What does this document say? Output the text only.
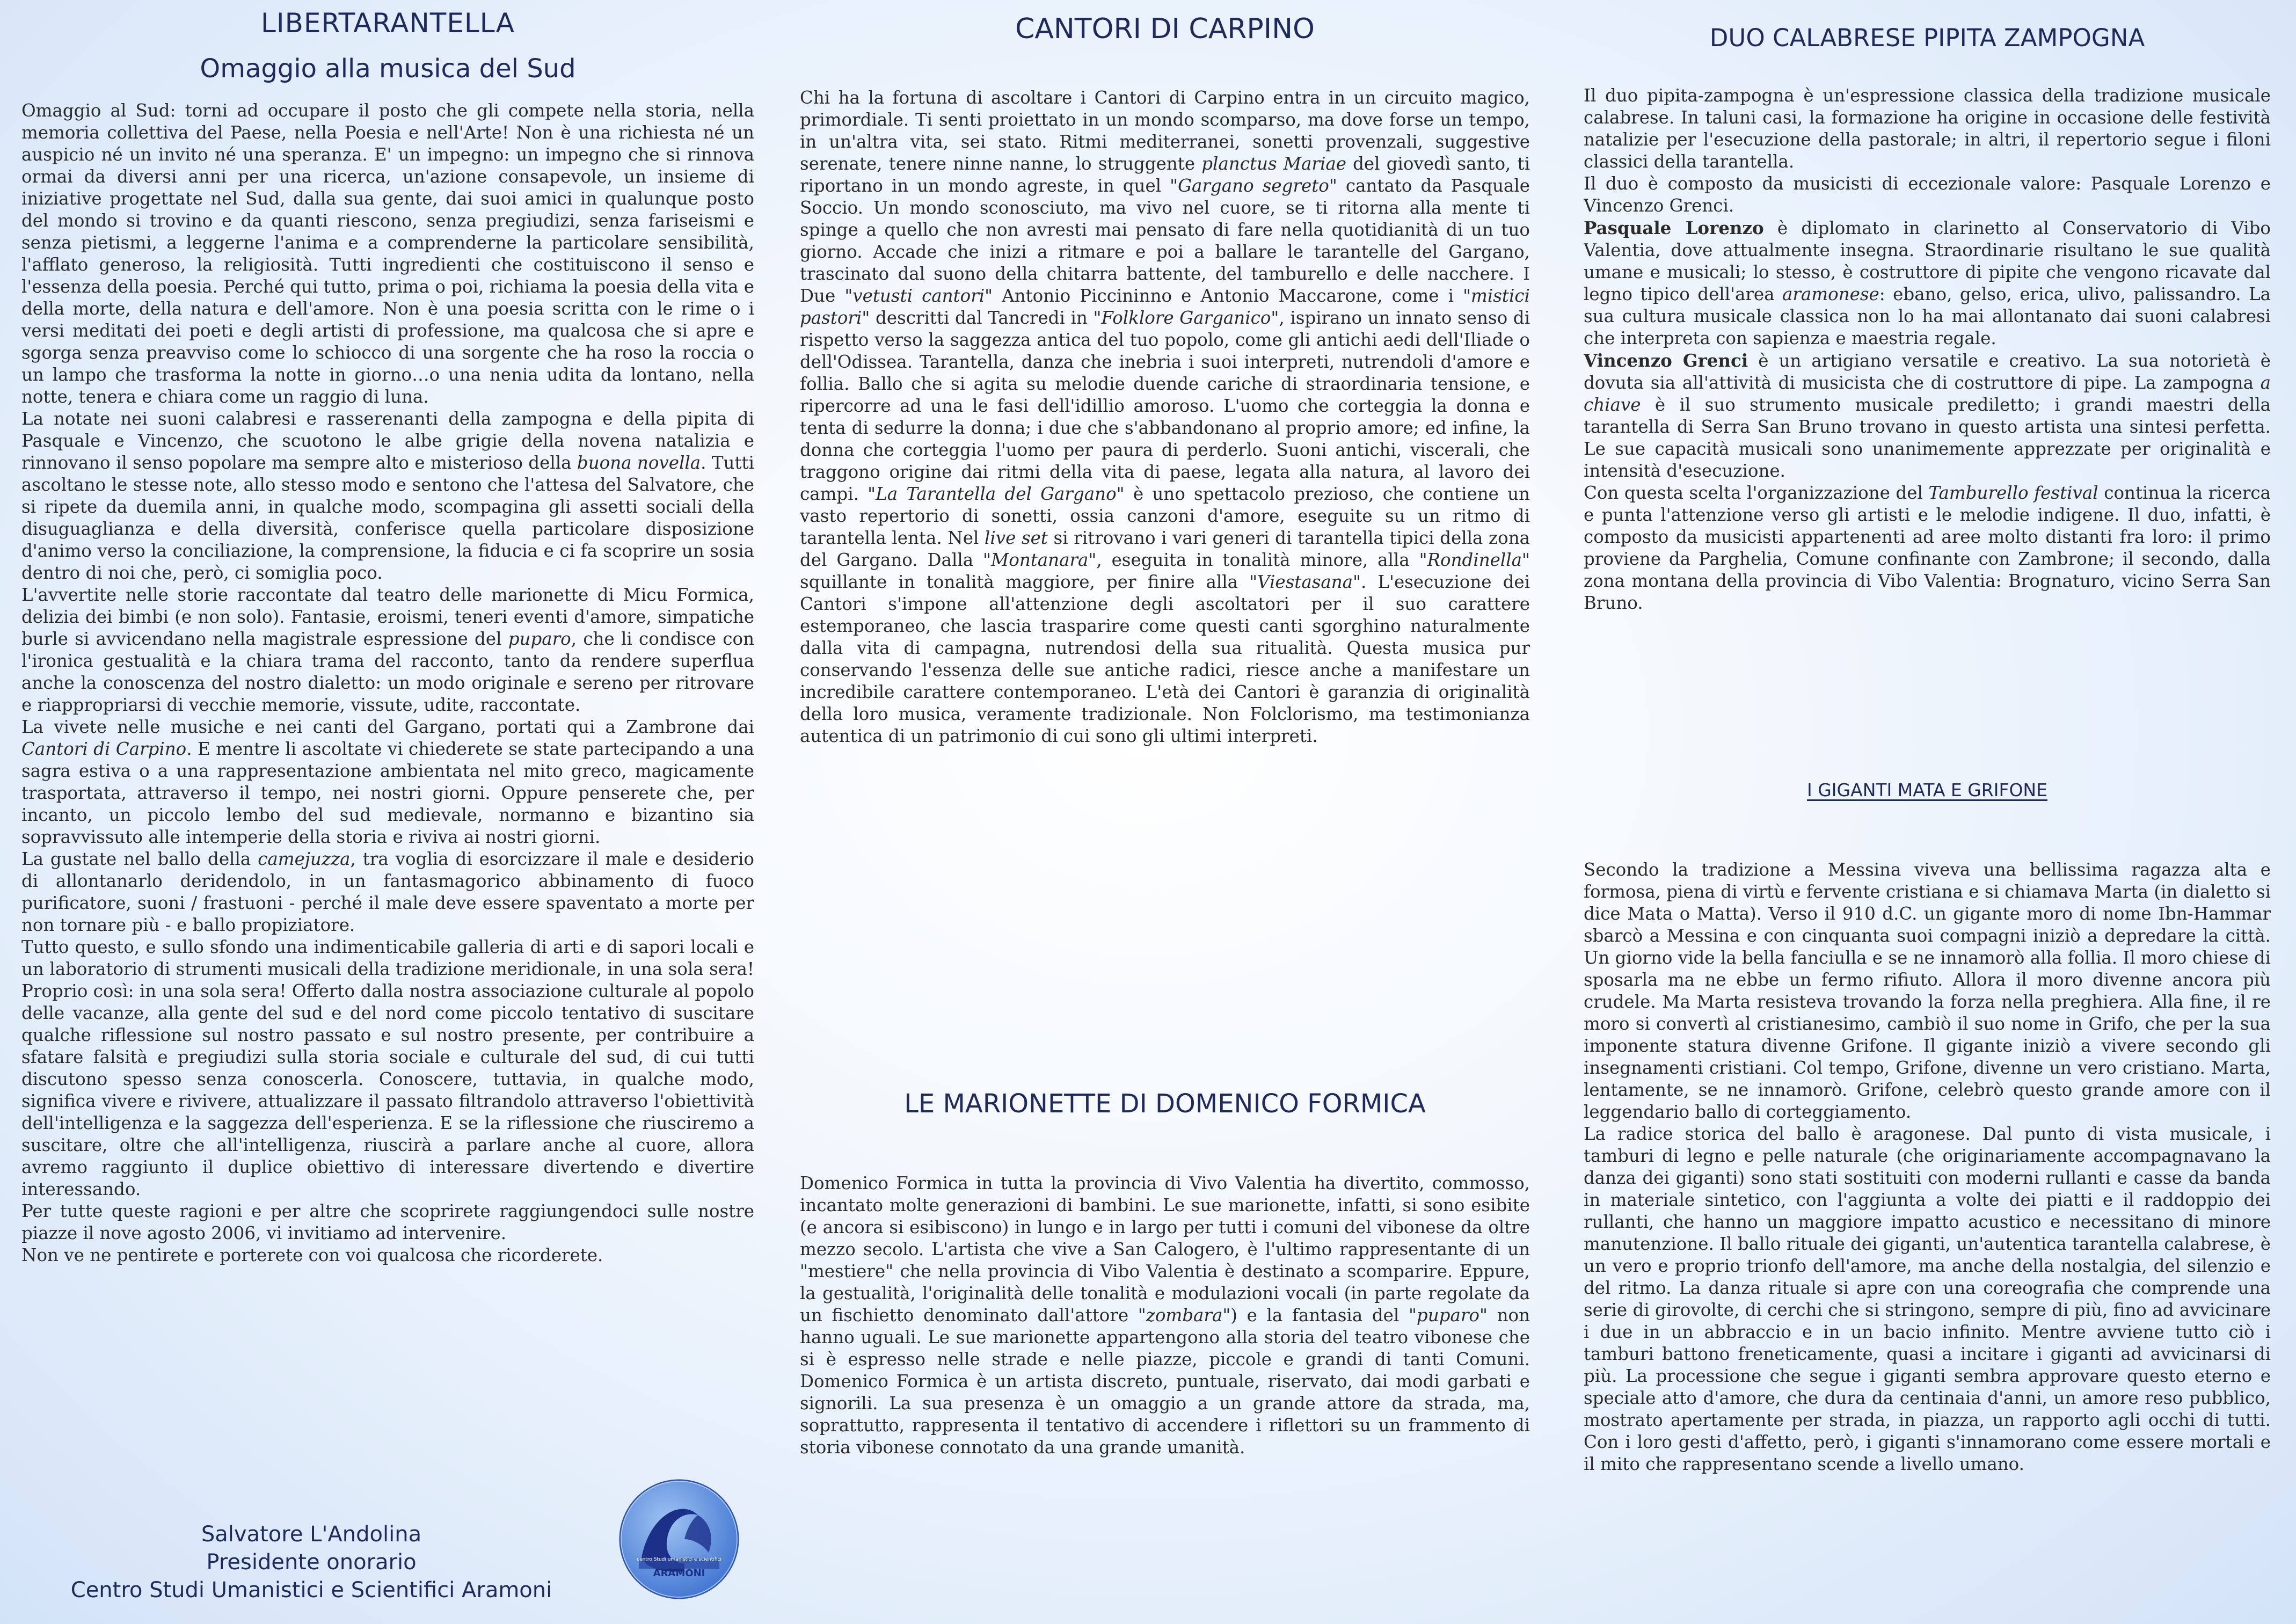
LIBERTARANTELLA
Omaggio alla musica del Sud

Omaggio al Sud: torni ad occupare il posto che gli compete nella storia, nella memoria collettiva del Paese, nella Poesia e nell'Arte! Non è una richiesta né un auspicio né un invito né una speranza. E' un impegno: un impegno che si rinnova ormai da diversi anni per una ricerca, un'azione consapevole, un insieme di iniziative progettate nel Sud, dalla sua gente, dai suoi amici in qualunque posto del mondo si trovino e da quanti riescono, senza pregiudizi, senza fariseismi e senza pietismi, a leggerne l'anima e a comprenderne la particolare sensibilità, l'afflato generoso, la religiosità. Tutti ingredienti che costituiscono il senso e l'essenza della poesia. Perché qui tutto, prima o poi, richiama la poesia della vita e della morte, della natura e dell'amore. Non è una poesia scritta con le rime o i versi meditati dei poeti e degli artisti di professione, ma qualcosa che si apre e sgorga senza preavviso come lo schiocco di una sorgente che ha roso la roccia o un lampo che trasforma la notte in giorno…o una nenia udita da lontano, nella notte, tenera e chiara come un raggio di luna.

La notate nei suoni calabresi e rasserenanti della zampogna e della pipita di Pasquale e Vincenzo, che scuotono le albe grigie della novena natalizia e rinnovano il senso popolare ma sempre alto e misterioso della buona novella. Tutti ascoltano le stesse note, allo stesso modo e sentono che l'attesa del Salvatore, che si ripete da duemila anni, in qualche modo, scompagina gli assetti sociali della disuguaglianza e della diversità, conferisce quella particolare disposizione d'animo verso la conciliazione, la comprensione, la fiducia e ci fa scoprire un sosia dentro di noi che, però, ci somiglia poco.

L'avvertite nelle storie raccontate dal teatro delle marionette di Micu Formica, delizia dei bimbi (e non solo). Fantasie, eroismi, teneri eventi d'amore, simpatiche burle si avvicendano nella magistrale espressione del puparo, che li condisce con l'ironica gestualità e la chiara trama del racconto, tanto da rendere superflua anche la conoscenza del nostro dialetto: un modo originale e sereno per ritrovare e riappropriarsi di vecchie memorie, vissute, udite, raccontate.

La vivete nelle musiche e nei canti del Gargano, portati qui a Zambrone dai Cantori di Carpino. E mentre li ascoltate vi chiederete se state partecipando a una sagra estiva o a una rappresentazione ambientata nel mito greco, magicamente trasportata, attraverso il tempo, nei nostri giorni. Oppure penserete che, per incanto, un piccolo lembo del sud medievale, normanno e bizantino sia sopravvissuto alle intemperie della storia e riviva ai nostri giorni.

La gustate nel ballo della camejuzza, tra voglia di esorcizzare il male e desiderio di allontanarlo deridendolo, in un fantasmagorico abbinamento di fuoco purificatore, suoni / frastuoni - perché il male deve essere spaventato a morte per non tornare più - e ballo propiziatore.

Tutto questo, e sullo sfondo una indimenticabile galleria di arti e di sapori locali e un laboratorio di strumenti musicali della tradizione meridionale, in una sola sera! Proprio così: in una sola sera! Offerto dalla nostra associazione culturale al popolo delle vacanze, alla gente del sud e del nord come piccolo tentativo di suscitare qualche riflessione sul nostro passato e sul nostro presente, per contribuire a sfatare falsità e pregiudizi sulla storia sociale e culturale del sud, di cui tutti discutono spesso senza conoscerla. Conoscere, tuttavia, in qualche modo, significa vivere e rivivere, attualizzare il passato filtrandolo attraverso l'obiettività dell'intelligenza e la saggezza dell'esperienza. E se la riflessione che riusciremo a suscitare, oltre che all'intelligenza, riuscirà a parlare anche al cuore, allora avremo raggiunto il duplice obiettivo di interessare divertendo e divertire interessando.

Per tutte queste ragioni e per altre che scoprirete raggiungendoci sulle nostre piazze il nove agosto 2006, vi invitiamo ad intervenire.

Non ve ne pentirete e porterete con voi qualcosa che ricorderete.

Salvatore L'Andolina
Presidente onorario
Centro Studi Umanistici e Scientifici Aramoni
centro Studi umanistici e scientifici
ARAMONI
CANTORI DI CARPINO

Chi ha la fortuna di ascoltare i Cantori di Carpino entra in un circuito magico, primordiale. Ti senti proiettato in un mondo scomparso, ma dove forse un tempo, in un'altra vita, sei stato. Ritmi mediterranei, sonetti provenzali, suggestive serenate, tenere ninne nanne, lo struggente planctus Mariae del giovedì santo, ti riportano in un mondo agreste, in quel "Gargano segreto" cantato da Pasquale Soccio. Un mondo sconosciuto, ma vivo nel cuore, se ti ritorna alla mente ti spinge a quello che non avresti mai pensato di fare nella quotidianità di un tuo giorno. Accade che inizi a ritmare e poi a ballare le tarantelle del Gargano, trascinato dal suono della chitarra battente, del tamburello e delle nacchere. I Due "vetusti cantori" Antonio Piccininno e Antonio Maccarone, come i "mistici pastori" descritti dal Tancredi in "Folklore Garganico", ispirano un innato senso di rispetto verso la saggezza antica del tuo popolo, come gli antichi aedi dell'Iliade o dell'Odissea. Tarantella, danza che inebria i suoi interpreti, nutrendoli d'amore e follia. Ballo che si agita su melodie duende cariche di straordinaria tensione, e ripercorre ad una le fasi dell'idillio amoroso. L'uomo che corteggia la donna e tenta di sedurre la donna; i due che s'abbandonano al proprio amore; ed infine, la donna che corteggia l'uomo per paura di perderlo. Suoni antichi, viscerali, che traggono origine dai ritmi della vita di paese, legata alla natura, al lavoro dei campi. "La Tarantella del Gargano" è uno spettacolo prezioso, che contiene un vasto repertorio di sonetti, ossia canzoni d'amore, eseguite su un ritmo di tarantella lenta. Nel live set si ritrovano i vari generi di tarantella tipici della zona del Gargano. Dalla "Montanara", eseguita in tonalità minore, alla "Rondinella" squillante in tonalità maggiore, per finire alla "Viestasana". L'esecuzione dei Cantori s'impone all'attenzione degli ascoltatori per il suo carattere estemporaneo, che lascia trasparire come questi canti sgorghino naturalmente dalla vita di campagna, nutrendosi della sua ritualità. Questa musica pur conservando l'essenza delle sue antiche radici, riesce anche a manifestare un incredibile carattere contemporaneo. L'età dei Cantori è garanzia di originalità della loro musica, veramente tradizionale. Non Folclorismo, ma testimonianza autentica di un patrimonio di cui sono gli ultimi interpreti.

LE MARIONETTE DI DOMENICO FORMICA

Domenico Formica in tutta la provincia di Vivo Valentia ha divertito, commosso, incantato molte generazioni di bambini. Le sue marionette, infatti, si sono esibite (e ancora si esibiscono) in lungo e in largo per tutti i comuni del vibonese da oltre mezzo secolo. L'artista che vive a San Calogero, è l'ultimo rappresentante di un "mestiere" che nella provincia di Vibo Valentia è destinato a scomparire. Eppure, la gestualità, l'originalità delle tonalità e modulazioni vocali (in parte regolate da un fischietto denominato dall'attore "zombara") e la fantasia del "puparo" non hanno uguali. Le sue marionette appartengono alla storia del teatro vibonese che si è espresso nelle strade e nelle piazze, piccole e grandi di tanti Comuni. Domenico Formica è un artista discreto, puntuale, riservato, dai modi garbati e signorili. La sua presenza è un omaggio a un grande attore da strada, ma, soprattutto, rappresenta il tentativo di accendere i riflettori su un frammento di storia vibonese connotato da una grande umanità.

DUO CALABRESE PIPITA ZAMPOGNA

Il duo pipita-zampogna è un'espressione classica della tradizione musicale calabrese. In taluni casi, la formazione ha origine in occasione delle festività natalizie per l'esecuzione della pastorale; in altri, il repertorio segue i filoni classici della tarantella.

Il duo è composto da musicisti di eccezionale valore: Pasquale Lorenzo e Vincenzo Grenci.

Pasquale Lorenzo è diplomato in clarinetto al Conservatorio di Vibo Valentia, dove attualmente insegna. Straordinarie risultano le sue qualità umane e musicali; lo stesso, è costruttore di pipite che vengono ricavate dal legno tipico dell'area aramonese: ebano, gelso, erica, ulivo, palissandro. La sua cultura musicale classica non lo ha mai allontanato dai suoni calabresi che interpreta con sapienza e maestria regale.

Vincenzo Grenci è un artigiano versatile e creativo. La sua notorietà è dovuta sia all'attività di musicista che di costruttore di pipe. La zampogna a chiave è il suo strumento musicale prediletto; i grandi maestri della tarantella di Serra San Bruno trovano in questo artista una sintesi perfetta. Le sue capacità musicali sono unanimemente apprezzate per originalità e intensità d'esecuzione.

Con questa scelta l'organizzazione del Tamburello festival continua la ricerca e punta l'attenzione verso gli artisti e le melodie indigene. Il duo, infatti, è composto da musicisti appartenenti ad aree molto distanti fra loro: il primo proviene da Parghelia, Comune confinante con Zambrone; il secondo, dalla zona montana della provincia di Vibo Valentia: Brognaturo, vicino Serra San Bruno.

I GIGANTI MATA E GRIFONE

Secondo la tradizione a Messina viveva una bellissima ragazza alta e formosa, piena di virtù e fervente cristiana e si chiamava Marta (in dialetto si dice Mata o Matta). Verso il 910 d.C. un gigante moro di nome Ibn-Hammar sbarcò a Messina e con cinquanta suoi compagni iniziò a depredare la città. Un giorno vide la bella fanciulla e se ne innamorò alla follia. Il moro chiese di sposarla ma ne ebbe un fermo rifiuto. Allora il moro divenne ancora più crudele. Ma Marta resisteva trovando la forza nella preghiera. Alla fine, il re moro si convertì al cristianesimo, cambiò il suo nome in Grifo, che per la sua imponente statura divenne Grifone. Il gigante iniziò a vivere secondo gli insegnamenti cristiani. Col tempo, Grifone, divenne un vero cristiano. Marta, lentamente, se ne innamorò. Grifone, celebrò questo grande amore con il leggendario ballo di corteggiamento.

La radice storica del ballo è aragonese. Dal punto di vista musicale, i tamburi di legno e pelle naturale (che originariamente accompagnavano la danza dei giganti) sono stati sostituiti con moderni rullanti e casse da banda in materiale sintetico, con l'aggiunta a volte dei piatti e il raddoppio dei rullanti, che hanno un maggiore impatto acustico e necessitano di minore manutenzione. Il ballo rituale dei giganti, un'autentica tarantella calabrese, è un vero e proprio trionfo dell'amore, ma anche della nostalgia, del silenzio e del ritmo. La danza rituale si apre con una coreografia che comprende una serie di girovolte, di cerchi che si stringono, sempre di più, fino ad avvicinare i due in un abbraccio e in un bacio infinito. Mentre avviene tutto ciò i tamburi battono freneticamente, quasi a incitare i giganti ad avvicinarsi di più. La processione che segue i giganti sembra approvare questo eterno e speciale atto d'amore, che dura da centinaia d'anni, un amore reso pubblico, mostrato apertamente per strada, in piazza, un rapporto agli occhi di tutti. Con i loro gesti d'affetto, però, i giganti s'innamorano come essere mortali e il mito che rappresentano scende a livello umano.
